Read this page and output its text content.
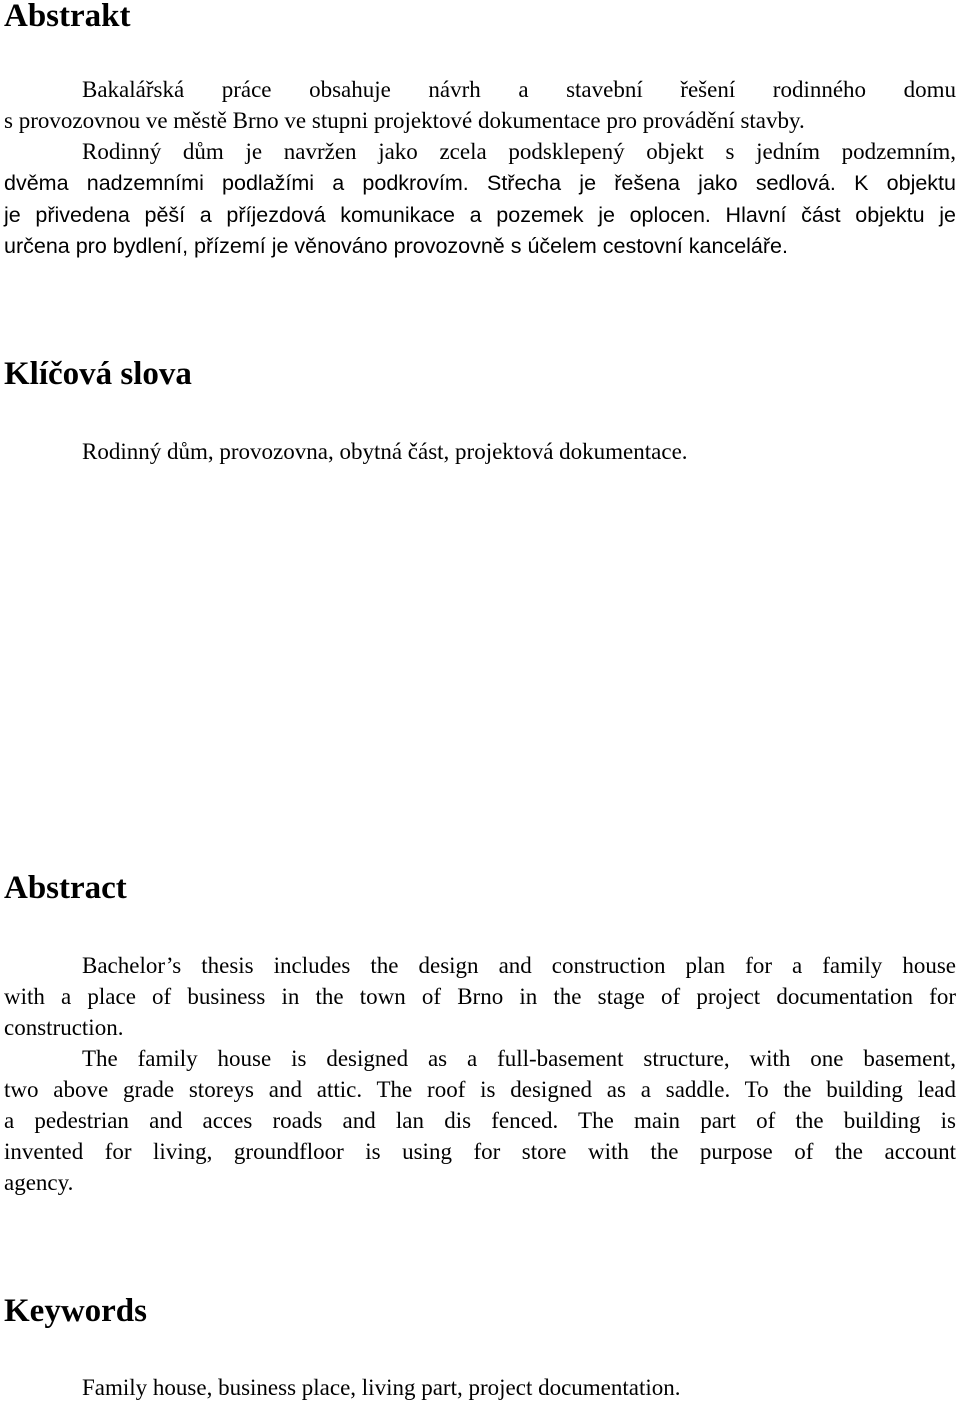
Abstrakt

Bakalářská práce obsahuje návrh a stavební řešení rodinného domu
s provozovnou ve městě Brno ve stupni projektové dokumentace pro provádění stavby.

Rodinný dům je navržen jako zcela podsklepený objekt s jedním podzemním,
dvěma nadzemními podlažími a podkrovím. Střecha je řešena jako sedlová. K objektu
je přivedena pěší a příjezdová komunikace a pozemek je oplocen. Hlavní část objektu je
určena pro bydlení, přízemí je věnováno provozovně s účelem cestovní kanceláře.

Klíčová slova

Rodinný dům, provozovna, obytná část, projektová dokumentace.

Abstract

Bachelor’s thesis includes the design and construction plan for a family house
with a place of business in the town of Brno in the stage of project documentation for
construction.

The family house is designed as a full-basement structure, with one basement,
two above grade storeys and attic. The roof is designed as a saddle. To the building lead
a pedestrian and acces roads and lan dis fenced. The main part of the building is
invented for living, groundfloor is using for store with the purpose of the account
agency.

Keywords

Family house, business place, living part, project documentation.
